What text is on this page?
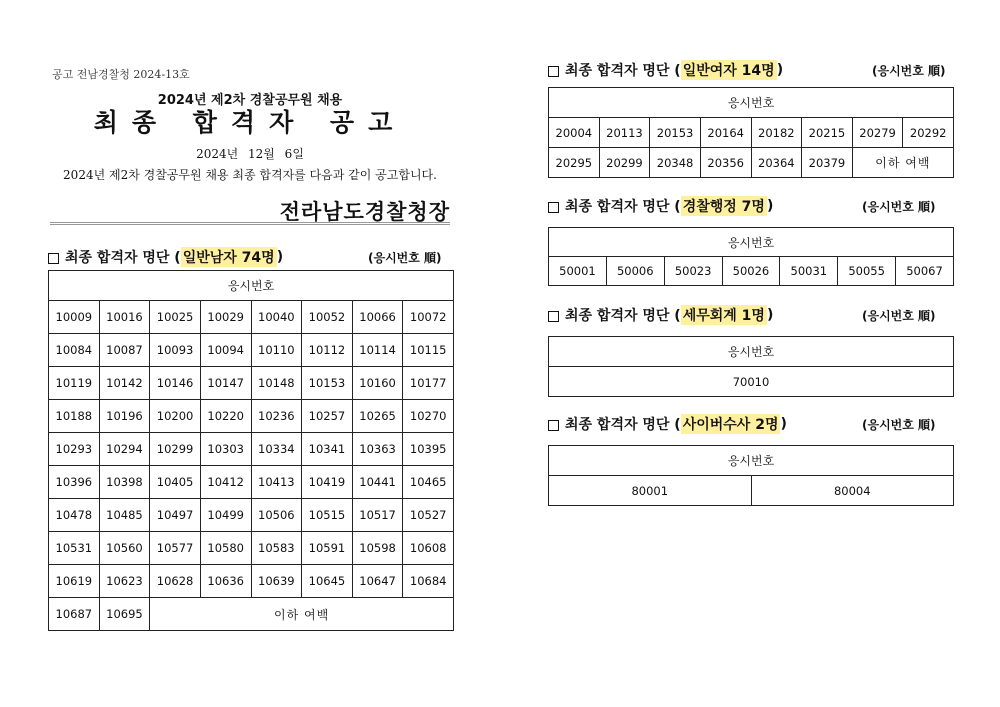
공고 전남경찰청 2024-13호
2024년 제2차 경찰공무원 채용
최종 합격자 공고
2024년 12월 6일
2024년 제2차 경찰공무원 채용 최종 합격자를 다음과 같이 공고합니다.
전라남도경찰청장
최종 합격자 명단 ( 일반남자 74명 )	(응시번호 順)
응시번호							
10009	10016	10025	10029	10040	10052	10066	10072
10084	10087	10093	10094	10110	10112	10114	10115
10119	10142	10146	10147	10148	10153	10160	10177
10188	10196	10200	10220	10236	10257	10265	10270
10293	10294	10299	10303	10334	10341	10363	10395
10396	10398	10405	10412	10413	10419	10441	10465
10478	10485	10497	10499	10506	10515	10517	10527
10531	10560	10577	10580	10583	10591	10598	10608
10619	10623	10628	10636	10639	10645	10647	10684
10687	10695	이하 여백					
최종 합격자 명단 ( 일반여자 14명 )	(응시번호 順)
응시번호							
20004	20113	20153	20164	20182	20215	20279	20292
20295	20299	20348	20356	20364	20379	이하 여백	
최종 합격자 명단 ( 경찰행정 7명 )	(응시번호 順)
응시번호
50001	50006	50023	50026	50031	50055	50067
최종 합격자 명단 ( 세무회계 1명 )	(응시번호 順)
응시번호
70010
최종 합격자 명단 ( 사이버수사 2명 )	(응시번호 順)
응시번호
80001	80004
